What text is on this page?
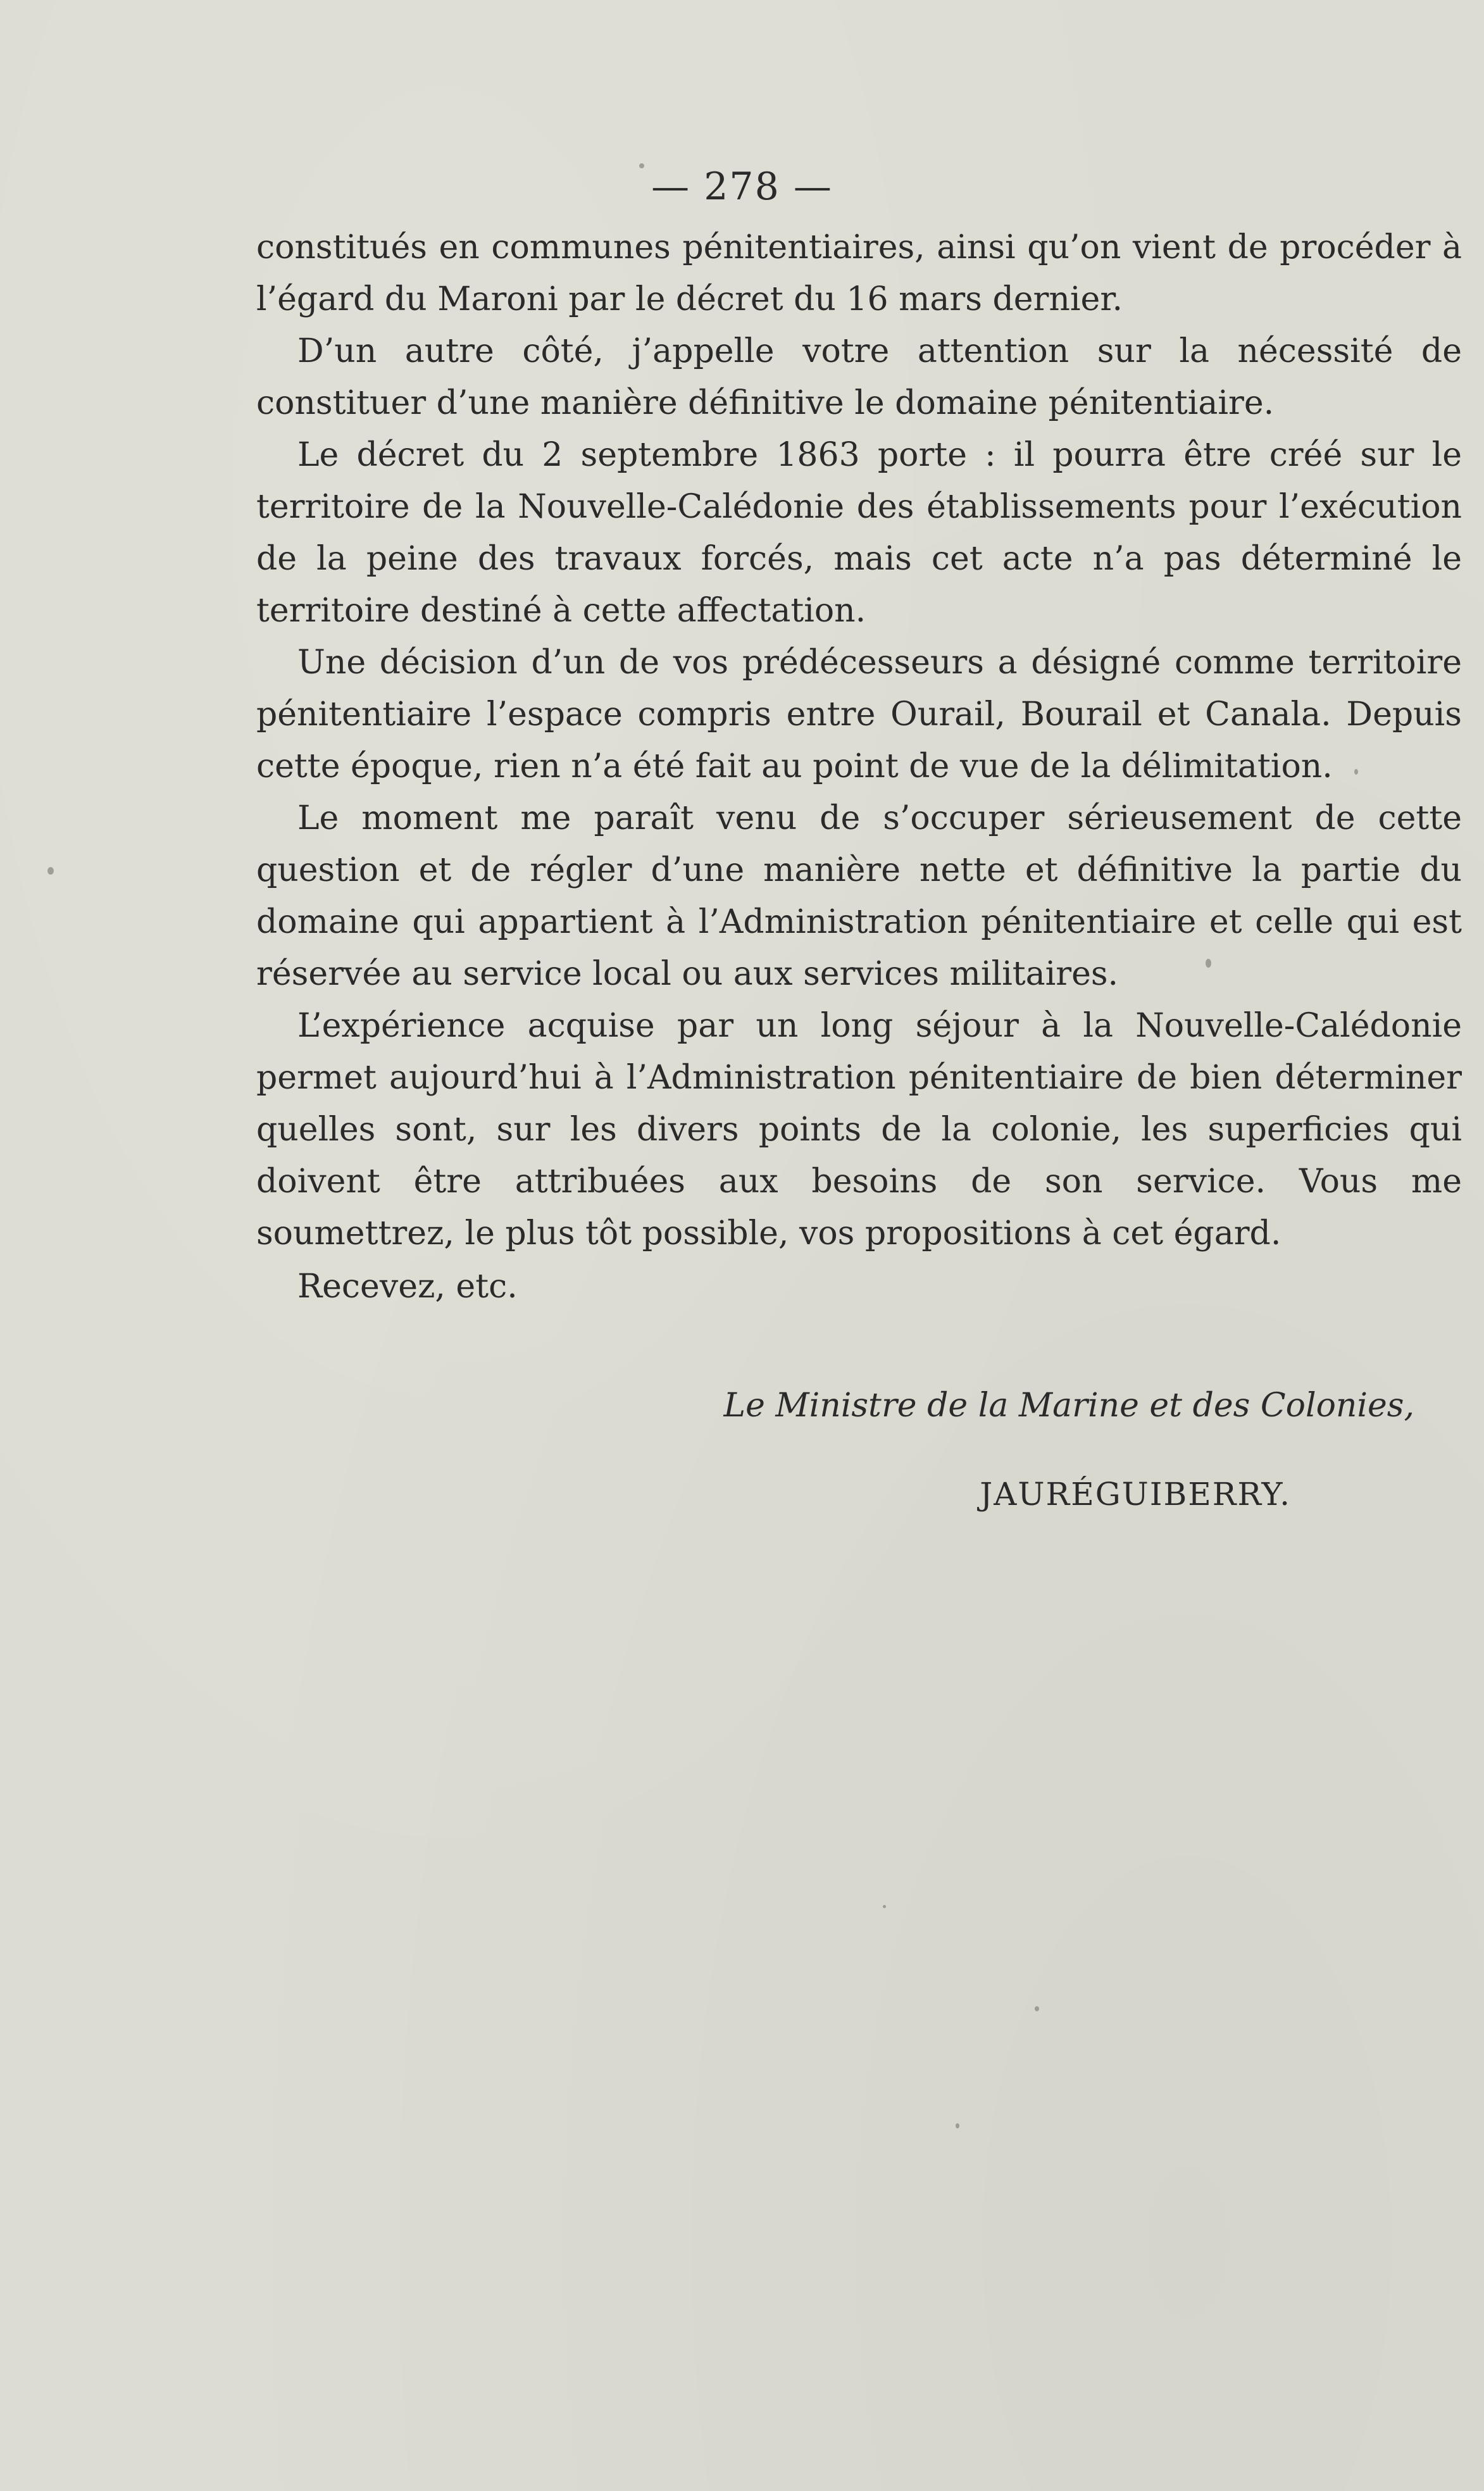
— 278 —

constitués en communes pénitentiaires, ainsi qu’on vient de procéder à l’égard du Maroni par le décret du 16 mars dernier.

D’un autre côté, j’appelle votre attention sur la nécessité de constituer d’une manière définitive le domaine pénitentiaire.

Le décret du 2 septembre 1863 porte : il pourra être créé sur le territoire de la Nouvelle-Calédonie des établissements pour l’exécution de la peine des travaux forcés, mais cet acte n’a pas déterminé le territoire destiné à cette affectation.

Une décision d’un de vos prédécesseurs a désigné comme territoire pénitentiaire l’espace compris entre Ourail, Bourail et Canala. Depuis cette époque, rien n’a été fait au point de vue de la délimitation.

Le moment me paraît venu de s’occuper sérieusement de cette question et de régler d’une manière nette et définitive la partie du domaine qui appartient à l’Administration pénitentiaire et celle qui est réservée au service local ou aux services militaires.

L’expérience acquise par un long séjour à la Nouvelle-Calédonie permet aujourd’hui à l’Administration pénitentiaire de bien déterminer quelles sont, sur les divers points de la colonie, les superficies qui doivent être attribuées aux besoins de son service. Vous me soumettrez, le plus tôt possible, vos propositions à cet égard.

Recevez, etc.

Le Ministre de la Marine et des Colonies,
JAURÉGUIBERRY.
